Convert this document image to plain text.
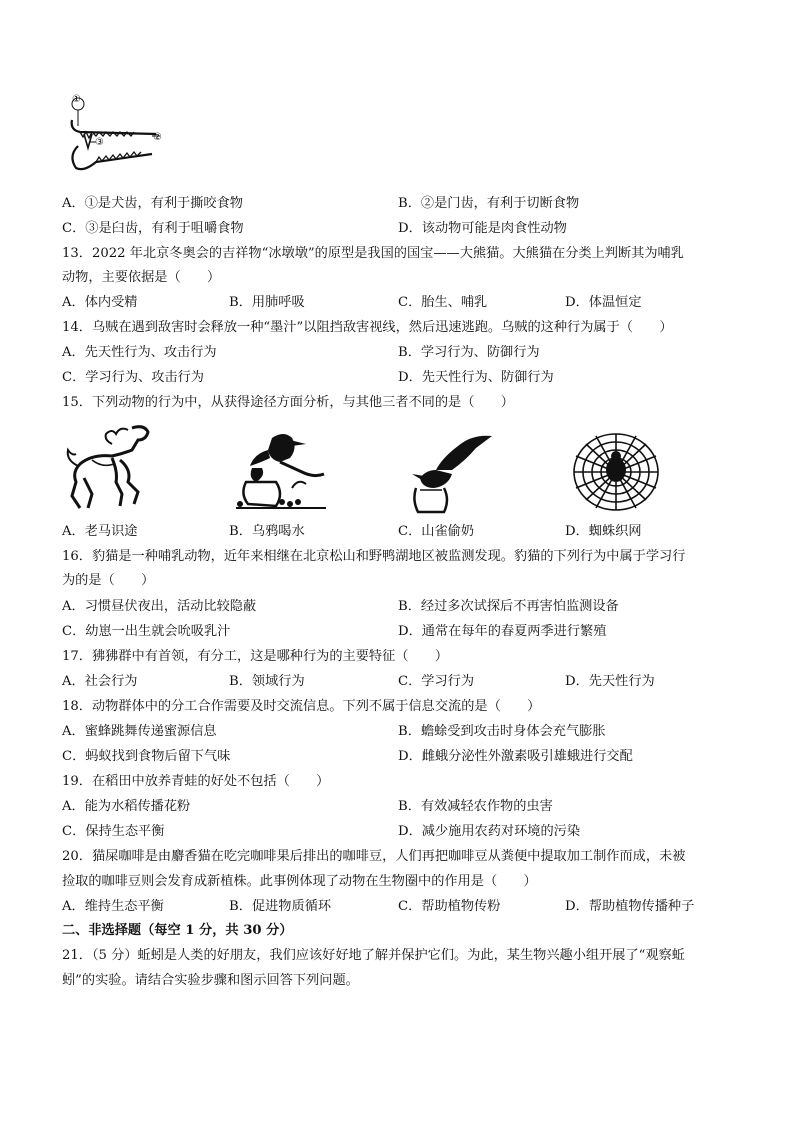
①
③	②
A．①是犬齿，有利于撕咬食物	B．②是门齿，有利于切断食物
C．③是臼齿，有利于咀嚼食物	D．该动物可能是肉食性动物
13．2022 年北京冬奥会的吉祥物“冰墩墩”的原型是我国的国宝——大熊猫。大熊猫在分类上判断其为哺乳
动物，主要依据是（　　）
A．体内受精	B．用肺呼吸	C．胎生、哺乳	D．体温恒定
14．乌贼在遇到敌害时会释放一种“墨汁”以阻挡敌害视线，然后迅速逃跑。乌贼的这种行为属于（　　）
A．先天性行为、攻击行为	B．学习行为、防御行为
C．学习行为、攻击行为	D．先天性行为、防御行为
15．下列动物的行为中，从获得途径方面分析，与其他三者不同的是（　　）
A．老马识途	B．乌鸦喝水	C．山雀偷奶	D．蜘蛛织网
16．豹猫是一种哺乳动物，近年来相继在北京松山和野鸭湖地区被监测发现。豹猫的下列行为中属于学习行
为的是（　　）
A．习惯昼伏夜出，活动比较隐蔽	B．经过多次试探后不再害怕监测设备
C．幼崽一出生就会吮吸乳汁	D．通常在每年的春夏两季进行繁殖
17．狒狒群中有首领，有分工，这是哪种行为的主要特征（　　）
A．社会行为	B．领域行为	C．学习行为	D．先天性行为
18．动物群体中的分工合作需要及时交流信息。下列不属于信息交流的是（　　）
A．蜜蜂跳舞传递蜜源信息	B．蟾蜍受到攻击时身体会充气膨胀
C．蚂蚁找到食物后留下气味	D．雌蛾分泌性外激素吸引雄蛾进行交配
19．在稻田中放养青蛙的好处不包括（　　）
A．能为水稻传播花粉	B．有效减轻农作物的虫害
C．保持生态平衡	D．减少施用农药对环境的污染
20．猫屎咖啡是由麝香猫在吃完咖啡果后排出的咖啡豆，人们再把咖啡豆从粪便中提取加工制作而成，未被
捡取的咖啡豆则会发育成新植株。此事例体现了动物在生物圈中的作用是（　　）
A．维持生态平衡	B．促进物质循环	C．帮助植物传粉	D．帮助植物传播种子
二、非选择题（每空 1 分，共 30 分）
21．（5 分）蚯蚓是人类的好朋友，我们应该好好地了解并保护它们。为此，某生物兴趣小组开展了“观察蚯
蚓”的实验。请结合实验步骤和图示回答下列问题。
